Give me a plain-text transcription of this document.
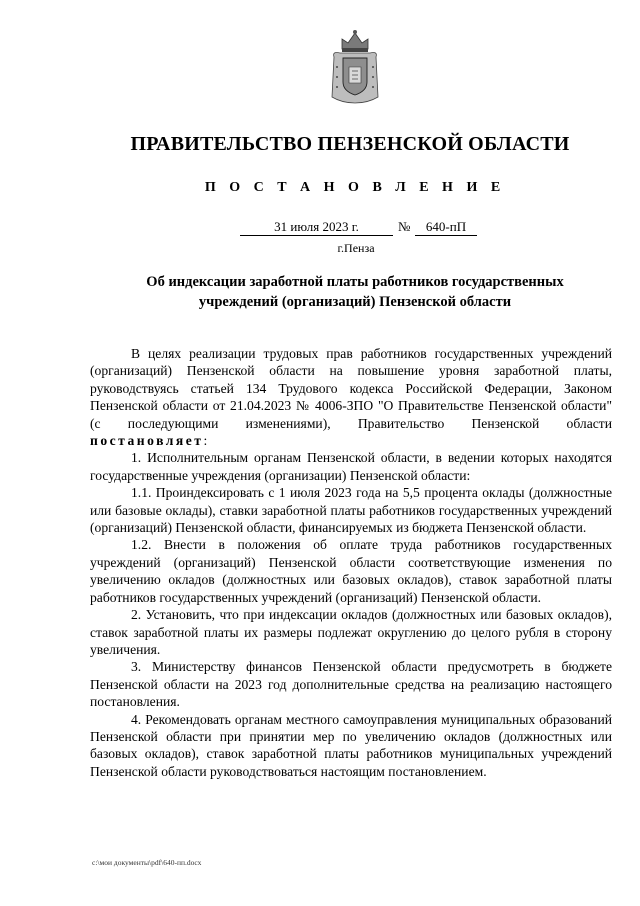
ПРАВИТЕЛЬСТВО ПЕНЗЕНСКОЙ ОБЛАСТИ
П О С Т А Н О В Л Е Н И Е
31 июля 2023 г.	№	640-пП
г.Пенза
Об индексации заработной платы работников государственных
учреждений (организаций) Пензенской области

В целях реализации трудовых прав работников государственных учреждений (организаций) Пензенской области на повышение уровня заработной платы, руководствуясь статьей 134 Трудового кодекса Российской Федерации, Законом Пензенской области от 21.04.2023 № 4006-ЗПО "О Правительстве Пензенской области" (с последующими изменениями), Правительство Пензенской области постановляет:

1. Исполнительным органам Пензенской области, в ведении которых находятся государственные учреждения (организации) Пензенской области:

1.1. Проиндексировать с 1 июля 2023 года на 5,5 процента оклады (должностные или базовые оклады), ставки заработной платы работников государственных учреждений (организаций) Пензенской области, финансируемых из бюджета Пензенской области.

1.2. Внести в положения об оплате труда работников государственных учреждений (организаций) Пензенской области соответствующие изменения по увеличению окладов (должностных или базовых окладов), ставок заработной платы работников государственных учреждений (организаций) Пензенской области.

2. Установить, что при индексации окладов (должностных или базовых окладов), ставок заработной платы их размеры подлежат округлению до целого рубля в сторону увеличения.

3. Министерству финансов Пензенской области предусмотреть в бюджете Пензенской области на 2023 год дополнительные средства на реализацию настоящего постановления.

4. Рекомендовать органам местного самоуправления муниципальных образований Пензенской области при принятии мер по увеличению окладов (должностных или базовых окладов), ставок заработной платы работников муниципальных учреждений Пензенской области руководствоваться настоящим постановлением.

c:\мои документы\pdf\640-пп.docx
